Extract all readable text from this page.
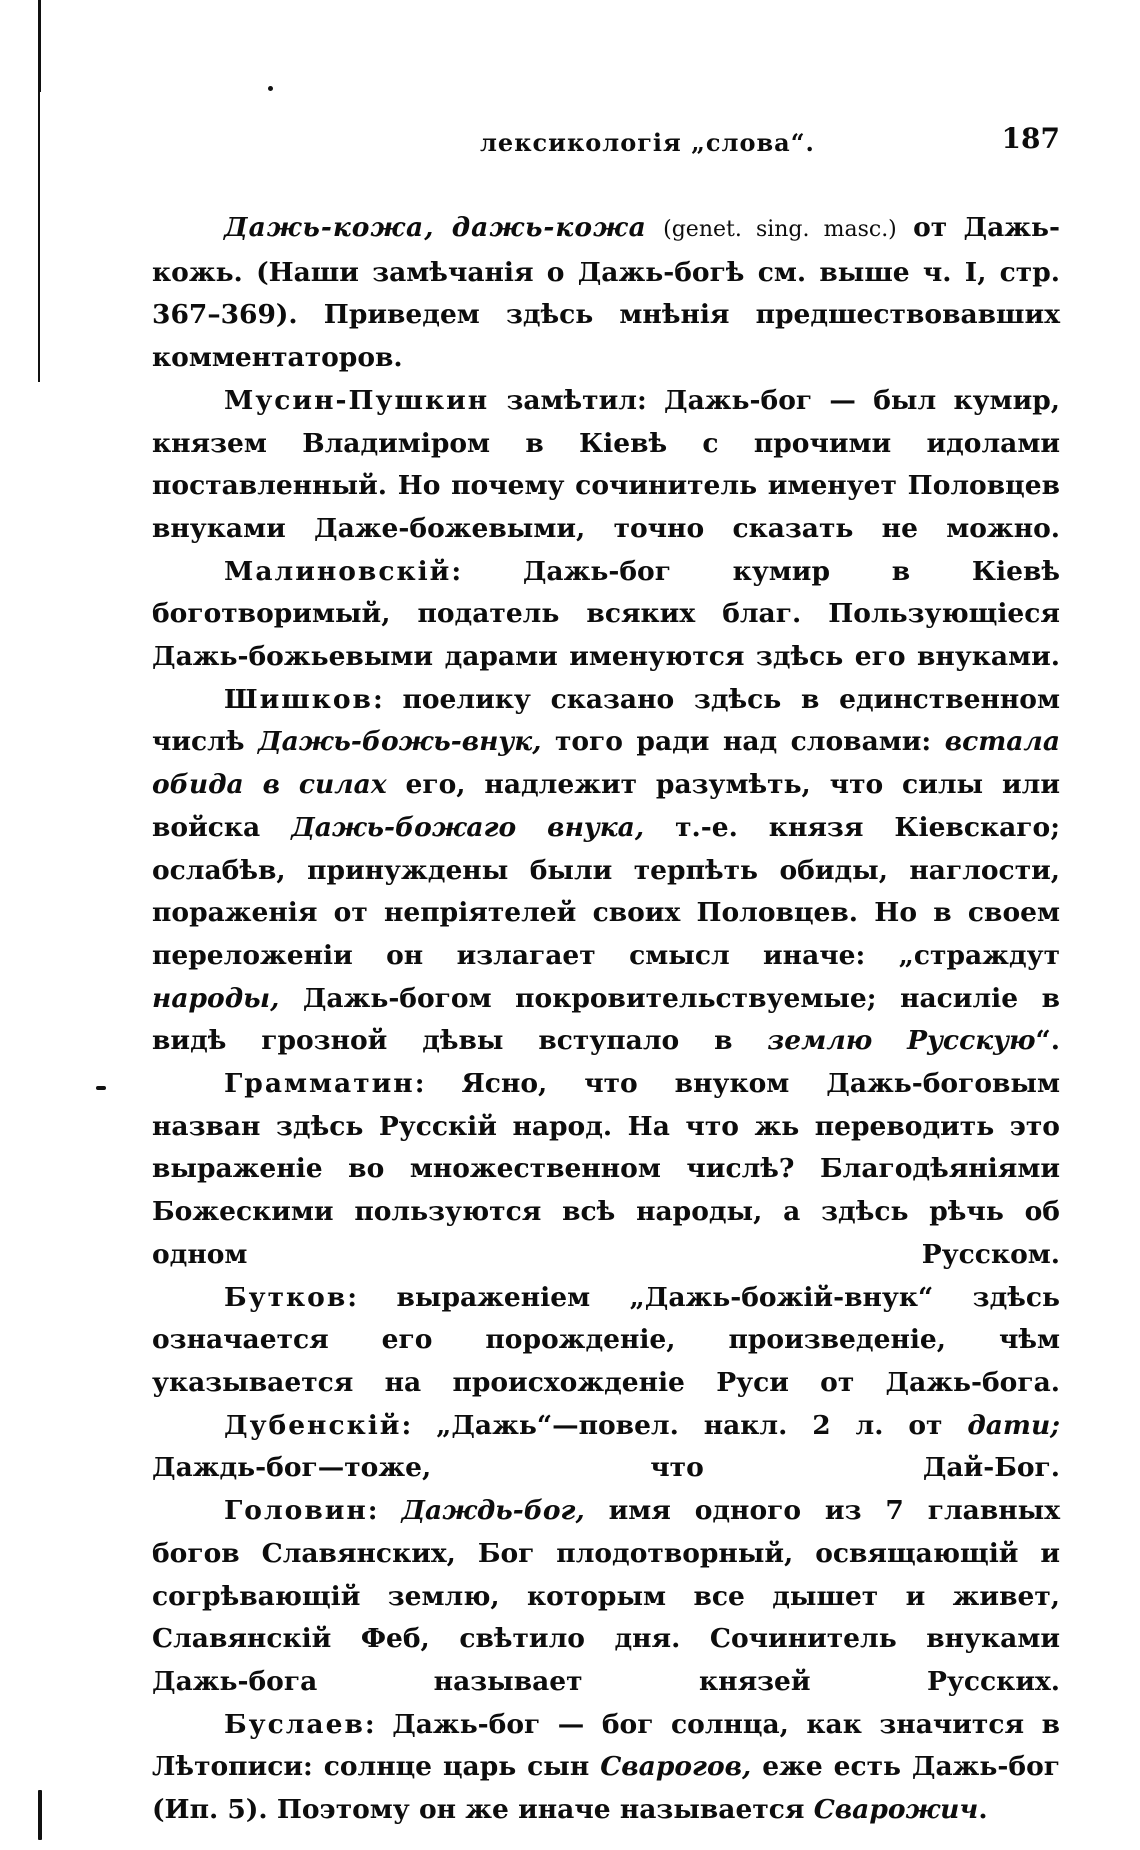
лексикологія „слова“.	187

Дажь-кожа, дажь-кожа (genet. sing. masc.) от Дажь-кожь. (Наши замѣчанія о Дажь-богѣ см. выше ч. I, стр. 367–369). Приведем здѣсь мнѣнія предшествовавших комментаторов.

Мусин-Пушкин замѣтил: Дажь-бог — был кумир, князем Владиміром в Кіевѣ с прочими идолами поставленный. Но почему сочинитель именует Половцев внуками Даже-божевыми, точно сказать не можно.

Малиновскій: Дажь-бог кумир в Кіевѣ боготворимый, податель всяких благ. Пользующіеся Дажь-божьевыми дарами именуются здѣсь его внуками.

Шишков: поелику сказано здѣсь в единственном числѣ Дажь-божь-внук, того ради над словами: встала обида в силах его, надлежит разумѣть, что силы или войска Дажь-божаго внука, т.-е. князя Кіевскаго; ослабѣв, принуждены были терпѣть обиды, наглости, пораженія от непріятелей своих Половцев. Но в своем переложеніи он излагает смысл иначе: „страждут народы, Дажь-богом покровительствуемые; насиліе в видѣ грозной дѣвы вступало в землю Русскую“.

Грамматин: Ясно, что внуком Дажь-боговым назван здѣсь Русскій народ. На что жь переводить это выраженіе во множественном числѣ? Благодѣяніями Божескими пользуются всѣ народы, а здѣсь рѣчь об одном Русском.

Бутков: выраженіем „Дажь-божій-внук“ здѣсь означается его порожденіе, произведеніе, чѣм указывается на происхожденіе Руси от Дажь-бога.

Дубенскій: „Дажь“—повел. накл. 2 л. от дати; Даждь-бог—тоже, что Дай-Бог.

Головин: Даждь-бог, имя одного из 7 главных богов Славянских, Бог плодотворный, освящающій и согрѣвающій землю, которым все дышет и живет, Славянскій Феб, свѣтило дня. Сочинитель внуками Дажь-бога называет князей Русских.

Буслаев: Дажь-бог — бог солнца, как значится в Лѣтописи: солнце царь сын Сварогов, еже есть Дажь-бог (Ип. 5). Поэтому он же иначе называется Сварожич.
